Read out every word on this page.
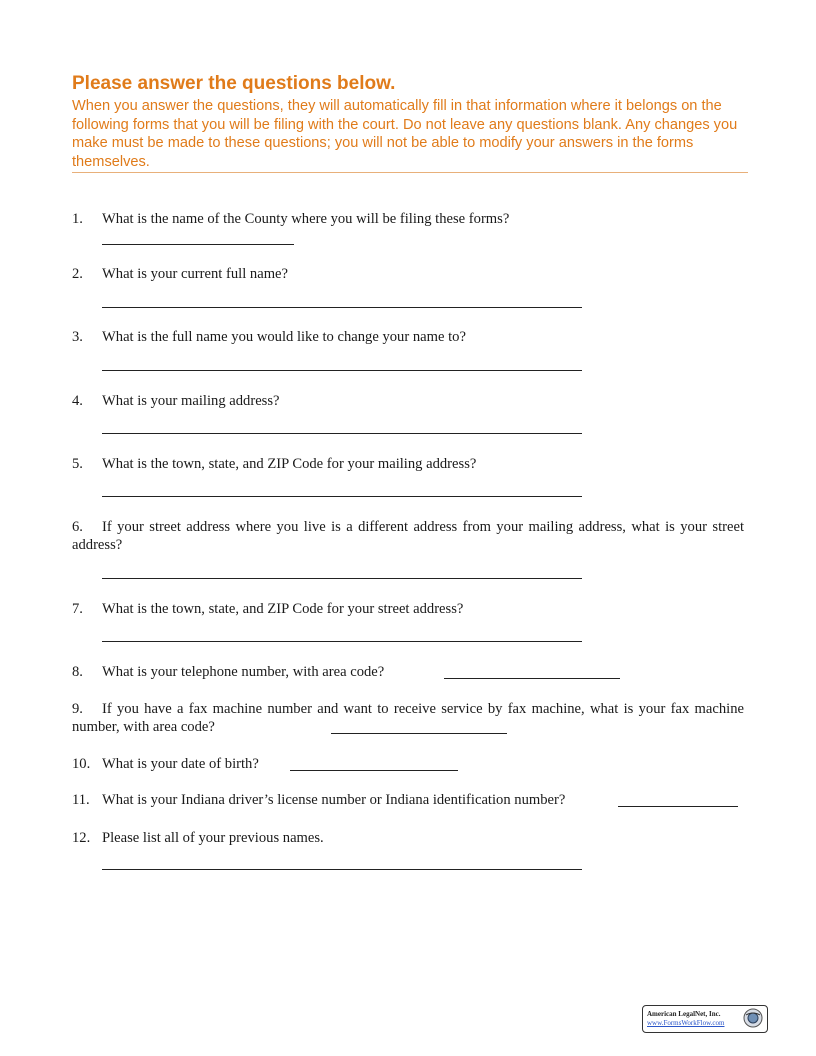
Please answer the questions below.
When you answer the questions, they will automatically fill in that information where it belongs on the following forms that you will be filing with the court. Do not leave any questions blank. Any changes you make must be made to these questions; you will not be able to modify your answers in the forms themselves.
1. What is the name of the County where you will be filing these forms?
2. What is your current full name?
3. What is the full name you would like to change your name to?
4. What is your mailing address?
5. What is the town, state, and ZIP Code for your mailing address?
6. If your street address where you live is a different address from your mailing address, what is your street address?
7. What is the town, state, and ZIP Code for your street address?
8. What is your telephone number, with area code?
9. If you have a fax machine number and want to receive service by fax machine, what is your fax machine number, with area code?
10. What is your date of birth?
11. What is your Indiana driver’s license number or Indiana identification number?
12. Please list all of your previous names.
American LegalNet, Inc.
www.FormsWorkFlow.com
